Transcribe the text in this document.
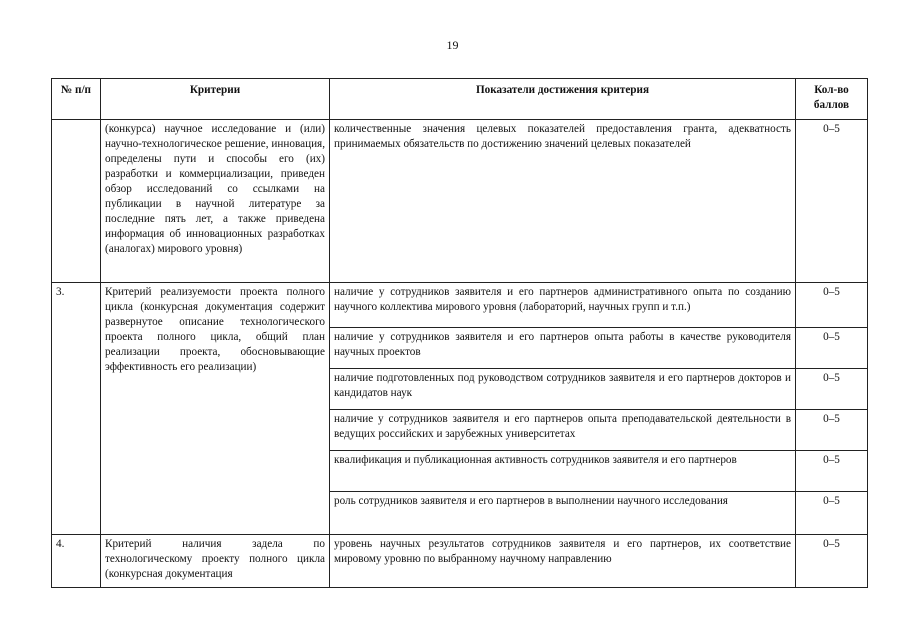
19
№ п/п	Критерии	Показатели достижения критерия	Кол-во баллов
	(конкурса) научное исследование и (или) научно-технологическое решение, инновация, определены пути и способы его (их) разработки и коммерциализации, приведен обзор исследований со ссылками на публикации в научной литературе за последние пять лет, а также приведена информация об инновационных разработках (аналогах) мирового уровня)	количественные значения целевых показателей предоставления гранта, адекватность принимаемых обязательств по достижению значений целевых показателей	0–5
3.	Критерий реализуемости проекта полного цикла (конкурсная документация содержит развернутое описание технологического проекта полного цикла, общий план реализации проекта, обосновывающие эффективность его реализации)	наличие у сотрудников заявителя и его партнеров административного опыта по созданию научного коллектива мирового уровня (лабораторий, научных групп и т.п.)	0–5
		наличие у сотрудников заявителя и его партнеров опыта работы в качестве руководителя научных проектов	0–5
		наличие подготовленных под руководством сотрудников заявителя и его партнеров докторов и кандидатов наук	0–5
		наличие у сотрудников заявителя и его партнеров опыта преподавательской деятельности в ведущих российских и зарубежных университетах	0–5
		квалификация и публикационная активность сотрудников заявителя и его партнеров	0–5
		роль сотрудников заявителя и его партнеров в выполнении научного исследования	0–5
4.	Критерий наличия задела по технологическому проекту полного цикла (конкурсная документация	уровень научных результатов сотрудников заявителя и его партнеров, их соответствие мировому уровню по выбранному научному направлению	0–5
